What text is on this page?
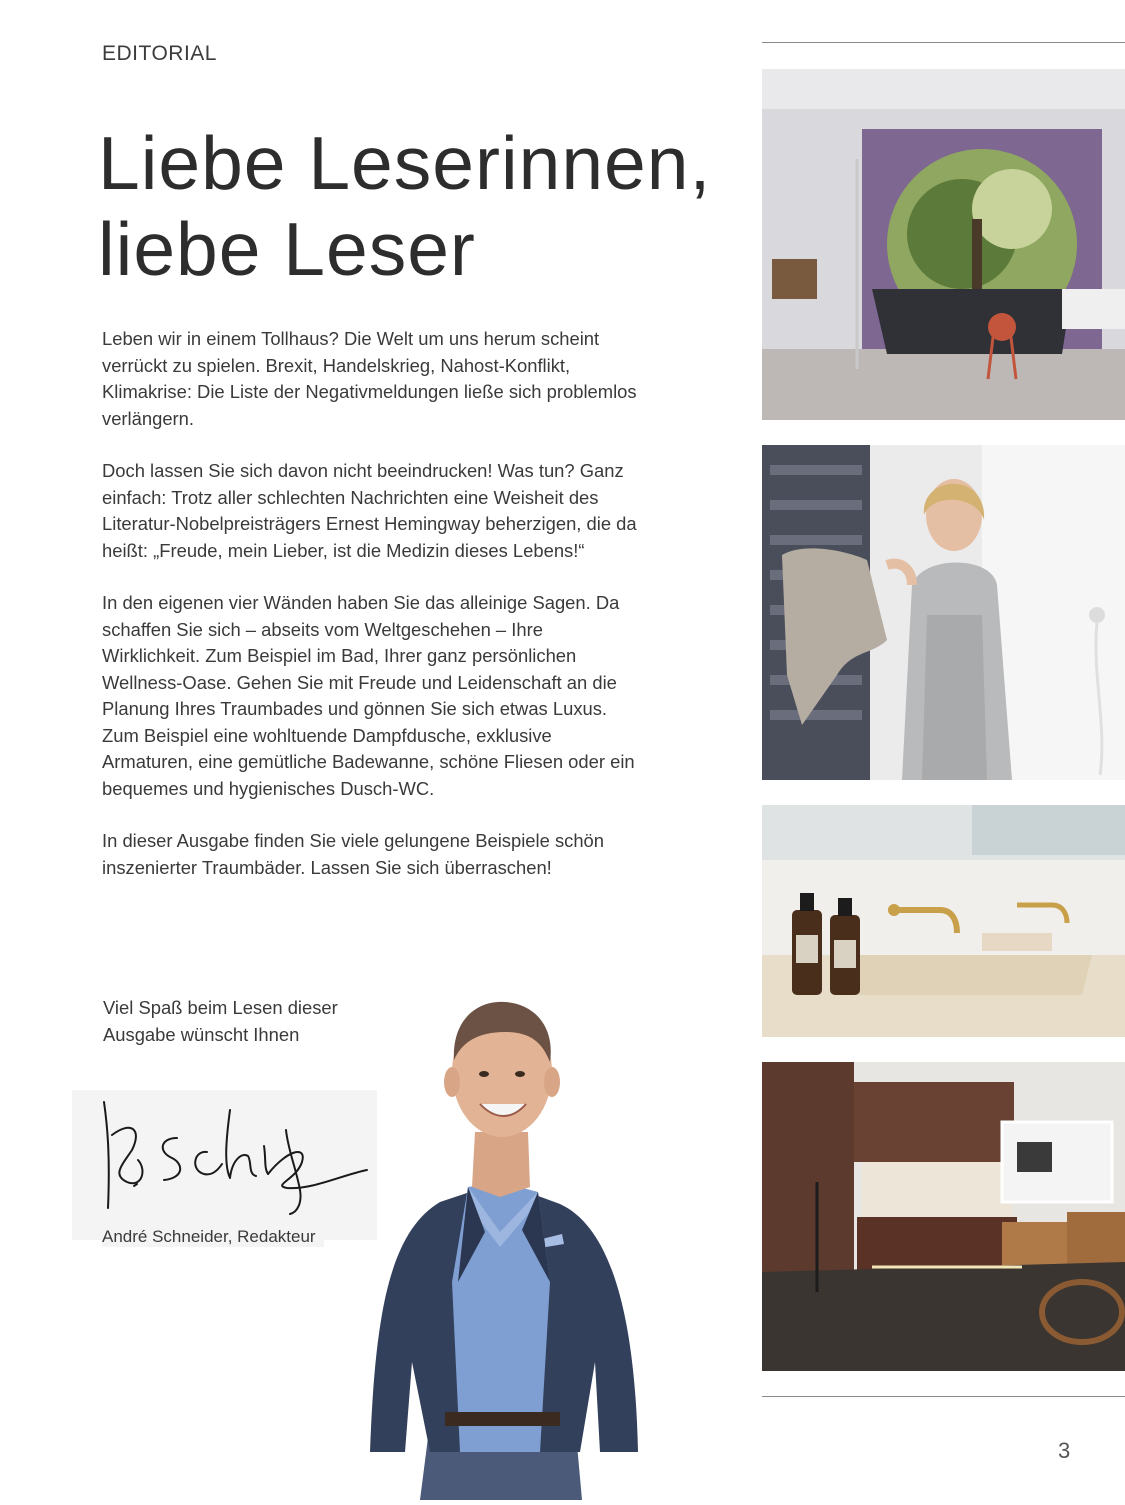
EDITORIAL
Liebe Leserinnen,
liebe Leser

Leben wir in einem Tollhaus? Die Welt um uns herum scheint verrückt zu spielen. Brexit, Handelskrieg, Nahost-Konflikt, Klimakrise: Die Liste der Negativmeldungen ließe sich problemlos verlängern.

Doch lassen Sie sich davon nicht beeindrucken! Was tun? Ganz einfach: Trotz aller schlechten Nachrichten eine Weisheit des Literatur-Nobelpreisträgers Ernest Hemingway beherzigen, die da heißt: „Freude, mein Lieber, ist die Medizin dieses Lebens!“

In den eigenen vier Wänden haben Sie das alleinige Sagen. Da schaffen Sie sich – abseits vom Weltgeschehen – Ihre Wirklichkeit. Zum Beispiel im Bad, Ihrer ganz persönlichen Wellness-Oase. Gehen Sie mit Freude und Leidenschaft an die Planung Ihres Traumbades und gönnen Sie sich etwas Luxus. Zum Beispiel eine wohltuende Dampfdusche, exklusive Armaturen, eine gemütliche Badewanne, schöne Fliesen oder ein bequemes und hygienisches Dusch-WC.

In dieser Ausgabe finden Sie viele gelungene Beispiele schön inszenierter Traumbäder. Lassen Sie sich überraschen!

Viel Spaß beim Lesen dieser
Ausgabe wünscht Ihnen
André Schneider, Redakteur
3
